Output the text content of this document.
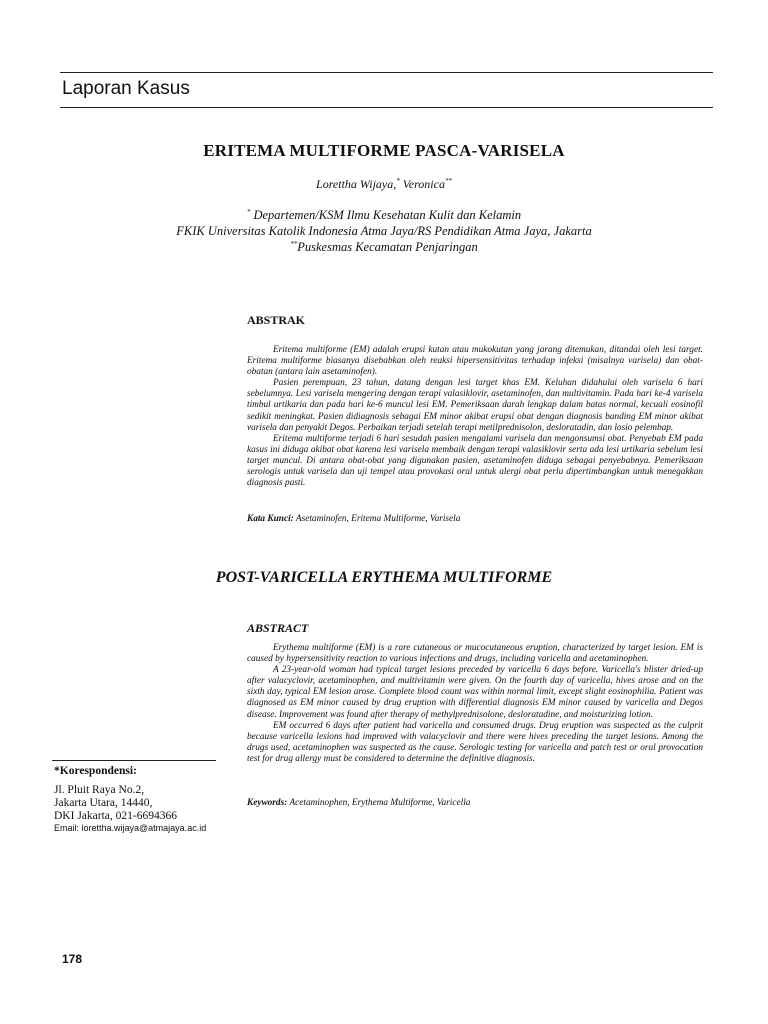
Laporan Kasus
ERITEMA MULTIFORME PASCA-VARISELA
Lorettha Wijaya,* Veronica**
* Departemen/KSM Ilmu Kesehatan Kulit dan Kelamin
FKIK Universitas Katolik Indonesia Atma Jaya/RS Pendidikan Atma Jaya, Jakarta
**Puskesmas Kecamatan Penjaringan
ABSTRAK

Eritema multiforme (EM) adalah erupsi kutan atau mukokutan yang jarang ditemukan, ditandai oleh lesi target. Eritema multiforme biasanya disebabkan oleh reaksi hipersensitivitas terhadap infeksi (misalnya varisela) dan obat-obatan (antara lain asetaminofen).

Pasien perempuan, 23 tahun, datang dengan lesi target khas EM. Keluhan didahului oleh varisela 6 hari sebelumnya. Lesi varisela mengering dengan terapi valasiklovir, asetaminofen, dan multivitamin. Pada hari ke-4 varisela timbul urtikaria dan pada hari ke-6 muncul lesi EM. Pemeriksaan darah lengkap dalam batas normal, kecuali eosinofil sedikit meningkat. Pasien didiagnosis sebagai EM minor akibat erupsi obat dengan diagnosis banding EM minor akibat varisela dan penyakit Degos. Perbaikan terjadi setelah terapi metilprednisolon, desloratadin, dan losio pelembap.

Eritema multiforme terjadi 6 hari sesudah pasien mengalami varisela dan mengonsumsi obat. Penyebab EM pada kasus ini diduga akibat obat karena lesi varisela membaik dengan terapi valasiklovir serta ada lesi urtikaria sebelum lesi target muncul. Di antara obat-obat yang digunakan pasien, asetaminofen diduga sebagai penyebabnya. Pemeriksaan serologis untuk varisela dan uji tempel atau provokasi oral untuk alergi obat perlu dipertimbangkan untuk menegakkan diagnosis pasti.

Kata Kunci: Asetaminofen, Eritema Multiforme, Varisela
POST-VARICELLA ERYTHEMA MULTIFORME
ABSTRACT

Erythema multiforme (EM) is a rare cutaneous or mucocutaneous eruption, characterized by target lesion. EM is caused by hypersensitivity reaction to various infections and drugs, including varicella and acetaminophen.

A 23-year-old woman had typical target lesions preceded by varicella 6 days before. Varicella's blister dried-up after valacyclovir, acetaminophen, and multivitamin were given. On the fourth day of varicella, hives arose and on the sixth day, typical EM lesion arose. Complete blood count was within normal limit, except slight eosinophilia. Patient was diagnosed as EM minor caused by drug eruption with differential diagnosis EM minor caused by varicella and Degos disease. Improvement was found after therapy of methylprednisolone, desloratadine, and moisturizing lotion.

EM occurred 6 days after patient had varicella and consumed drugs. Drug eruption was suspected as the culprit because varicella lesions had improved with valacyclovir and there were hives preceding the target lesions. Among the drugs used, acetaminophen was suspected as the cause. Serologic testing for varicella and patch test or oral provocation test for drug allergy must be considered to determine the definitive diagnosis.

Keywords: Acetaminophen, Erythema Multiforme, Varicella
*Korespondensi:
Jl. Pluit Raya No.2,
Jakarta Utara, 14440,
DKI Jakarta, 021-6694366
Email: lorettha.wijaya@atmajaya.ac.id
178
